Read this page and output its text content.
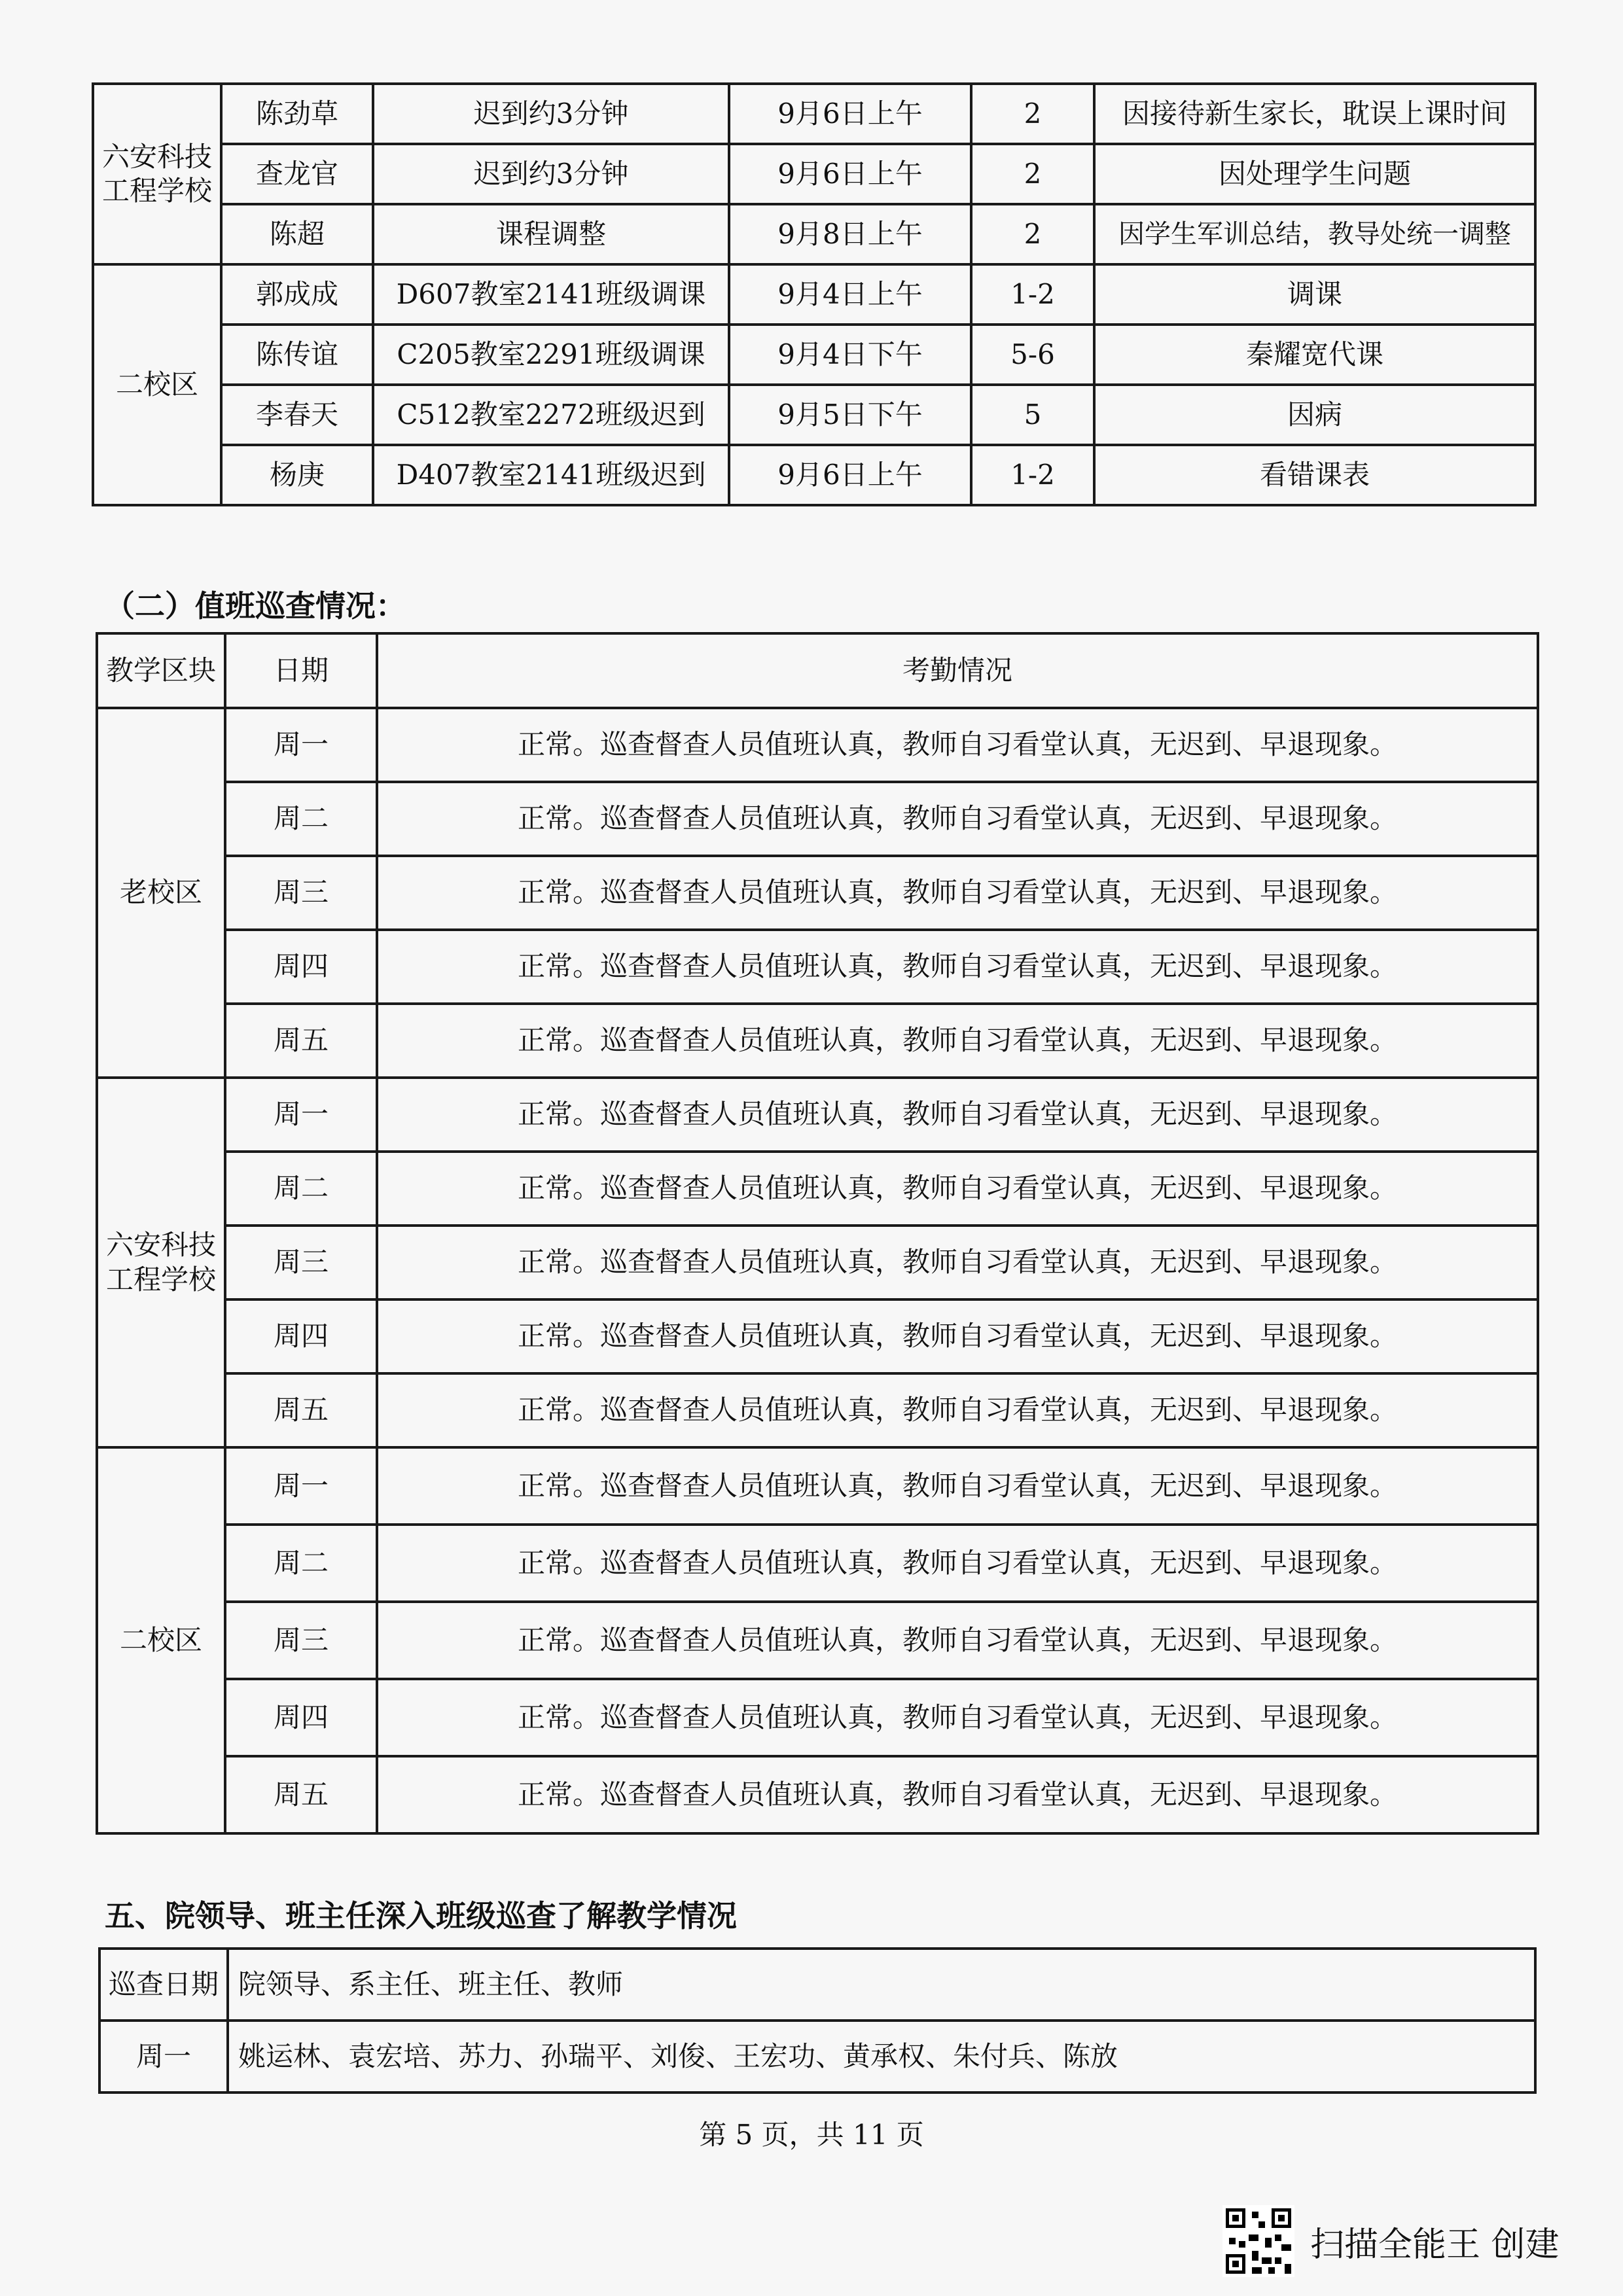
六安科技工程学校	陈劲草	迟到约3分钟	9月6日上午	2	因接待新生家长，耽误上课时间
	查龙官	迟到约3分钟	9月6日上午	2	因处理学生问题
	陈超	课程调整	9月8日上午	2	因学生军训总结，教导处统一调整
二校区	郭成成	D607教室2141班级调课	9月4日上午	1-2	调课
	陈传谊	C205教室2291班级调课	9月4日下午	5-6	秦耀宽代课
	李春天	C512教室2272班级迟到	9月5日下午	5	因病
	杨庚	D407教室2141班级迟到	9月6日上午	1-2	看错课表
（二）值班巡查情况：
教学区块	日期	考勤情况
老校区	周一	正常。巡查督查人员值班认真，教师自习看堂认真，无迟到、早退现象。
	周二	正常。巡查督查人员值班认真，教师自习看堂认真，无迟到、早退现象。
	周三	正常。巡查督查人员值班认真，教师自习看堂认真，无迟到、早退现象。
	周四	正常。巡查督查人员值班认真，教师自习看堂认真，无迟到、早退现象。
	周五	正常。巡查督查人员值班认真，教师自习看堂认真，无迟到、早退现象。
六安科技工程学校	周一	正常。巡查督查人员值班认真，教师自习看堂认真，无迟到、早退现象。
	周二	正常。巡查督查人员值班认真，教师自习看堂认真，无迟到、早退现象。
	周三	正常。巡查督查人员值班认真，教师自习看堂认真，无迟到、早退现象。
	周四	正常。巡查督查人员值班认真，教师自习看堂认真，无迟到、早退现象。
	周五	正常。巡查督查人员值班认真，教师自习看堂认真，无迟到、早退现象。
二校区	周一	正常。巡查督查人员值班认真，教师自习看堂认真，无迟到、早退现象。
	周二	正常。巡查督查人员值班认真，教师自习看堂认真，无迟到、早退现象。
	周三	正常。巡查督查人员值班认真，教师自习看堂认真，无迟到、早退现象。
	周四	正常。巡查督查人员值班认真，教师自习看堂认真，无迟到、早退现象。
	周五	正常。巡查督查人员值班认真，教师自习看堂认真，无迟到、早退现象。
五、院领导、班主任深入班级巡查了解教学情况
巡查日期	院领导、系主任、班主任、教师
周一	姚运林、袁宏培、苏力、孙瑞平、刘俊、王宏功、黄承权、朱付兵、陈放
第 5 页，共 11 页
扫描全能王 创建
